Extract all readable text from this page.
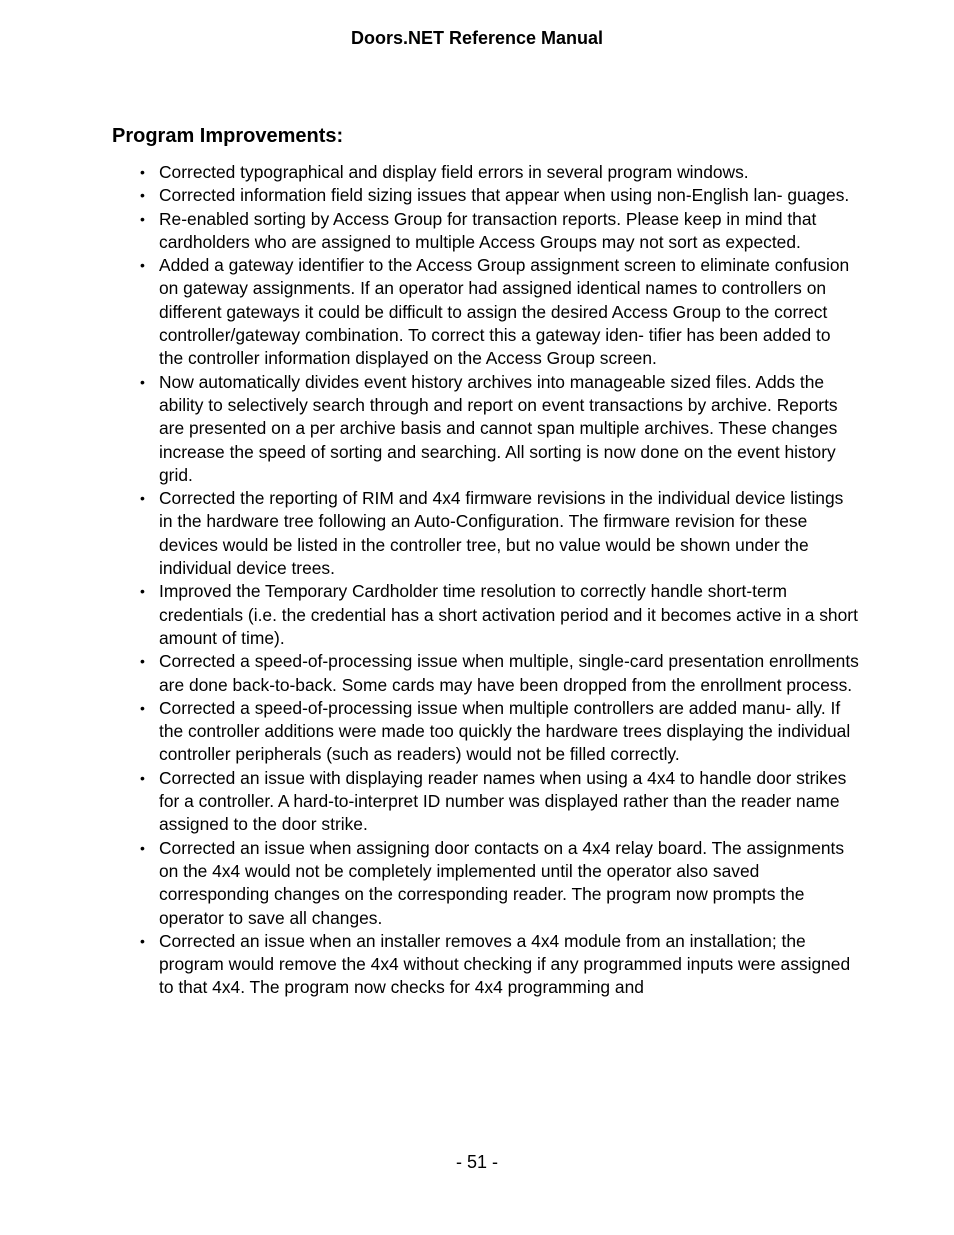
Doors.NET Reference Manual
Program Improvements:
• Corrected typographical and display field errors in several program windows.
• Corrected information field sizing issues that appear when using non-English lan- guages.
• Re-enabled sorting by Access Group for transaction reports. Please keep in mind that cardholders who are assigned to multiple Access Groups may not sort as expected.
• Added a gateway identifier to the Access Group assignment screen to eliminate confusion on gateway assignments. If an operator had assigned identical names to controllers on different gateways it could be difficult to assign the desired Access Group to the correct controller/gateway combination. To correct this a gateway iden- tifier has been added to the controller information displayed on the Access Group screen.
• Now automatically divides event history archives into manageable sized files. Adds the ability to selectively search through and report on event transactions by archive. Reports are presented on a per archive basis and cannot span multiple archives. These changes increase the speed of sorting and searching. All sorting is now done on the event history grid.
• Corrected the reporting of RIM and 4x4 firmware revisions in the individual device listings in the hardware tree following an Auto-Configuration. The firmware revision for these devices would be listed in the controller tree, but no value would be shown under the individual device trees.
• Improved the Temporary Cardholder time resolution to correctly handle short-term credentials (i.e. the credential has a short activation period and it becomes active in a short amount of time).
• Corrected a speed-of-processing issue when multiple, single-card presentation enrollments are done back-to-back. Some cards may have been dropped from the enrollment process.
• Corrected a speed-of-processing issue when multiple controllers are added manu- ally. If the controller additions were made too quickly the hardware trees displaying the individual controller peripherals (such as readers) would not be filled correctly.
• Corrected an issue with displaying reader names when using a 4x4 to handle door strikes for a controller. A hard-to-interpret ID number was displayed rather than the reader name assigned to the door strike.
• Corrected an issue when assigning door contacts on a 4x4 relay board. The assignments on the 4x4 would not be completely implemented until the operator also saved corresponding changes on the corresponding reader. The program now prompts the operator to save all changes.
• Corrected an issue when an installer removes a 4x4 module from an installation; the program would remove the 4x4 without checking if any programmed inputs were assigned to that 4x4. The program now checks for 4x4 programming and
- 51 -
